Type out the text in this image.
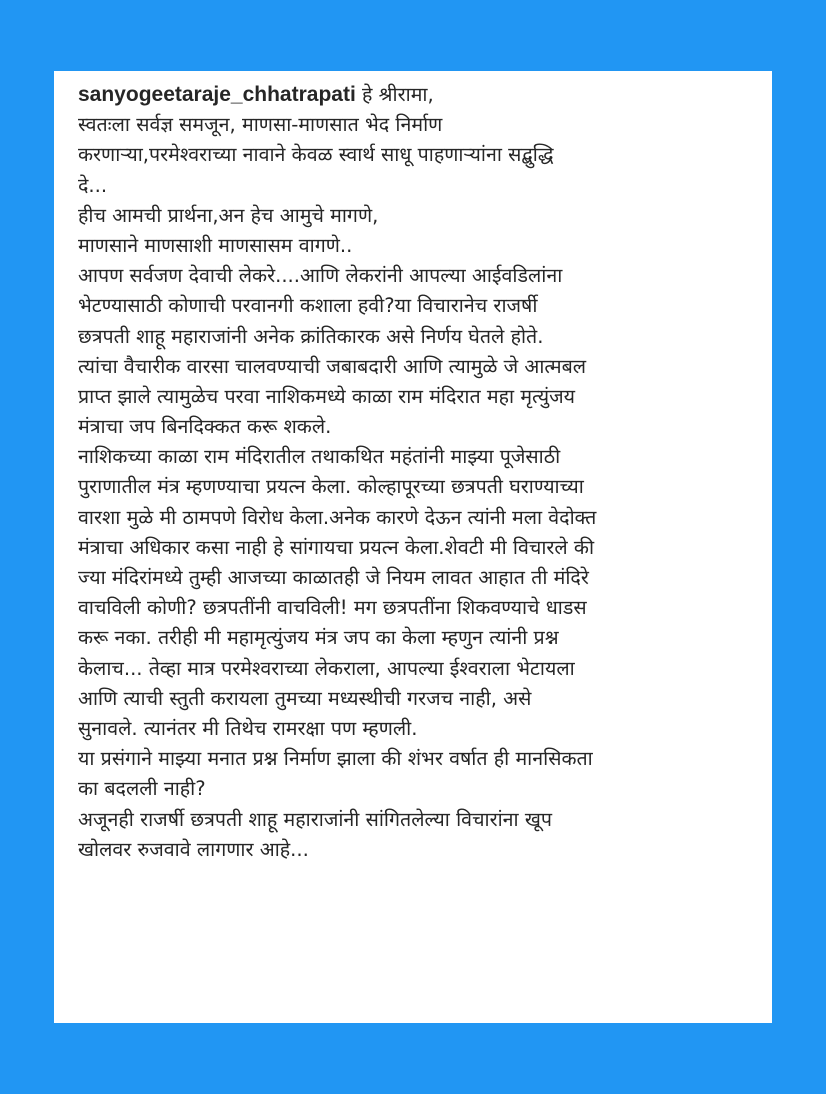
sanyogeetaraje_chhatrapati हे श्रीरामा,
स्वतःला सर्वज्ञ समजून, माणसा-माणसात भेद निर्माण
करणाऱ्या,परमेश्वराच्या नावाने केवळ स्वार्थ साधू पाहणाऱ्यांना सद्बुद्धि
दे...
हीच आमची प्रार्थना,अन हेच आमुचे मागणे,
माणसाने माणसाशी माणसासम वागणे..
आपण सर्वजण देवाची लेकरे....आणि लेकरांनी आपल्या आईवडिलांना
भेटण्यासाठी कोणाची परवानगी कशाला हवी?या विचारानेच राजर्षी
छत्रपती शाहू महाराजांनी अनेक क्रांतिकारक असे निर्णय घेतले होते.
त्यांचा वैचारीक वारसा चालवण्याची जबाबदारी आणि त्यामुळे जे आत्मबल
प्राप्त झाले त्यामुळेच परवा नाशिकमध्ये काळा राम मंदिरात महा मृत्युंजय
मंत्राचा जप बिनदिक्कत करू शकले.
नाशिकच्या काळा राम मंदिरातील तथाकथित महंतांनी माझ्या पूजेसाठी
पुराणातील मंत्र म्हणण्याचा प्रयत्न केला. कोल्हापूरच्या छत्रपती घराण्याच्या
वारशा मुळे मी ठामपणे विरोध केला.अनेक कारणे देऊन त्यांनी मला वेदोक्त
मंत्राचा अधिकार कसा नाही हे सांगायचा प्रयत्न केला.शेवटी मी विचारले की
ज्या मंदिरांमध्ये तुम्ही आजच्या काळातही जे नियम लावत आहात ती मंदिरे
वाचविली कोणी? छत्रपतींनी वाचविली! मग छत्रपतींना शिकवण्याचे धाडस
करू नका. तरीही मी महामृत्युंजय मंत्र जप का केला म्हणुन त्यांनी प्रश्न
केलाच... तेव्हा मात्र परमेश्वराच्या लेकराला, आपल्या ईश्वराला भेटायला
आणि त्याची स्तुती करायला तुमच्या मध्यस्थीची गरजच नाही, असे
सुनावले. त्यानंतर मी तिथेच रामरक्षा पण म्हणली.
या प्रसंगाने माझ्या मनात प्रश्न निर्माण झाला की शंभर वर्षात ही मानसिकता
का बदलली नाही?
अजूनही राजर्षी छत्रपती शाहू महाराजांनी सांगितलेल्या विचारांना खूप
खोलवर रुजवावे लागणार आहे...
